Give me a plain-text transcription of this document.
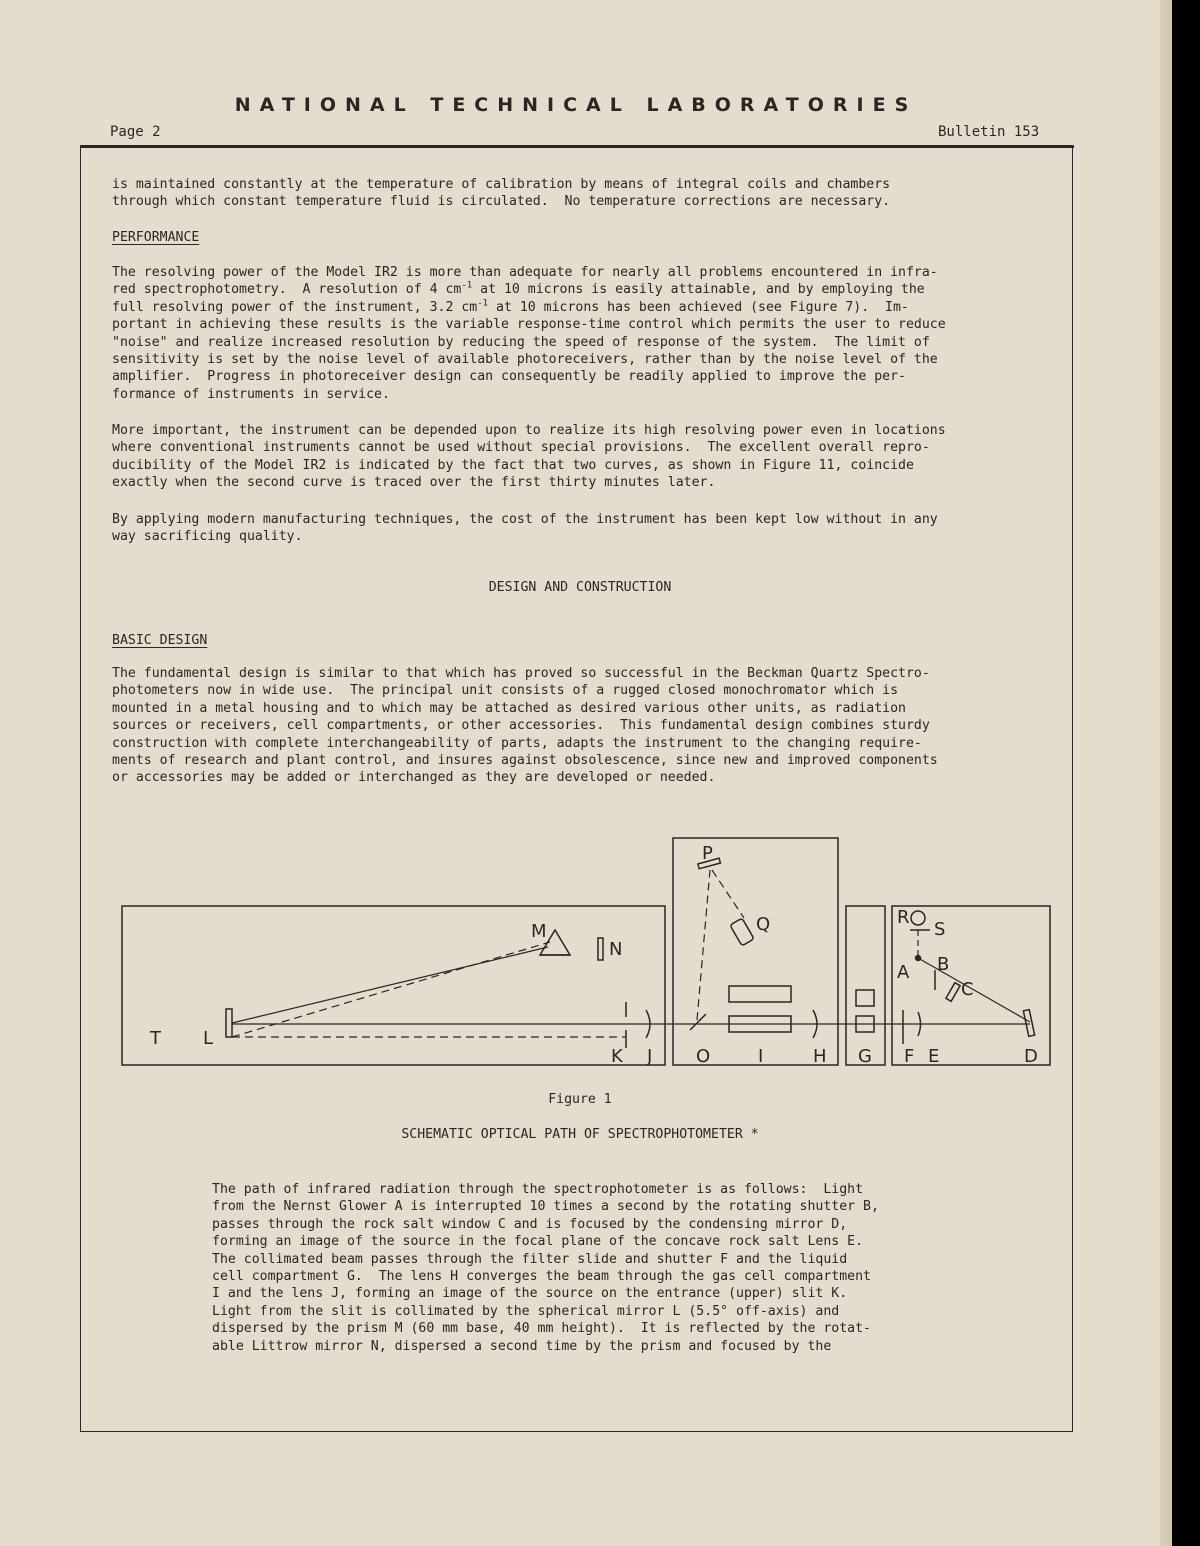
NATIONAL TECHNICAL LABORATORIES
Page 2	Bulletin 153

is maintained constantly at the temperature of calibration by means of integral coils and chambers
through which constant temperature fluid is circulated.  No temperature corrections are necessary.

PERFORMANCE

The resolving power of the Model IR2 is more than adequate for nearly all problems encountered in infra-
red spectrophotometry.  A resolution of 4 $cm^{-1}$ at 10 microns is easily attainable, and by employing the
full resolving power of the instrument, 3.2 $cm^{-1}$ at 10 microns has been achieved (see Figure 7).  Im-
portant in achieving these results is the variable response-time control which permits the user to reduce
"noise" and realize increased resolution by reducing the speed of response of the system.  The limit of
sensitivity is set by the noise level of available photoreceivers, rather than by the noise level of the
amplifier.  Progress in photoreceiver design can consequently be readily applied to improve the per-
formance of instruments in service.

More important, the instrument can be depended upon to realize its high resolving power even in locations
where conventional instruments cannot be used without special provisions.  The excellent overall repro-
ducibility of the Model IR2 is indicated by the fact that two curves, as shown in Figure 11, coincide
exactly when the second curve is traced over the first thirty minutes later.

By applying modern manufacturing techniques, the cost of the instrument has been kept low without in any
way sacrificing quality.

DESIGN AND CONSTRUCTION
BASIC DESIGN

The fundamental design is similar to that which has proved so successful in the Beckman Quartz Spectro-
photometers now in wide use.  The principal unit consists of a rugged closed monochromator which is
mounted in a metal housing and to which may be attached as desired various other units, as radiation
sources or receivers, cell compartments, or other accessories.  This fundamental design combines sturdy
construction with complete interchangeability of parts, adapts the instrument to the changing require-
ments of research and plant control, and insures against obsolescence, since new and improved components
or accessories may be added or interchanged as they are developed or needed.

T L
M
N
K J
P
Q
O	I	H G
R
S
A B
C
F E	D
Figure 1
SCHEMATIC OPTICAL PATH OF SPECTROPHOTOMETER *

The path of infrared radiation through the spectrophotometer is as follows:  Light
from the Nernst Glower A is interrupted 10 times a second by the rotating shutter B,
passes through the rock salt window C and is focused by the condensing mirror D,
forming an image of the source in the focal plane of the concave rock salt Lens E.
The collimated beam passes through the filter slide and shutter F and the liquid
cell compartment G.  The lens H converges the beam through the gas cell compartment
I and the lens J, forming an image of the source on the entrance (upper) slit K.
Light from the slit is collimated by the spherical mirror L (5.5° off-axis) and
dispersed by the prism M (60 mm base, 40 mm height).  It is reflected by the rotat-
able Littrow mirror N, dispersed a second time by the prism and focused by the
